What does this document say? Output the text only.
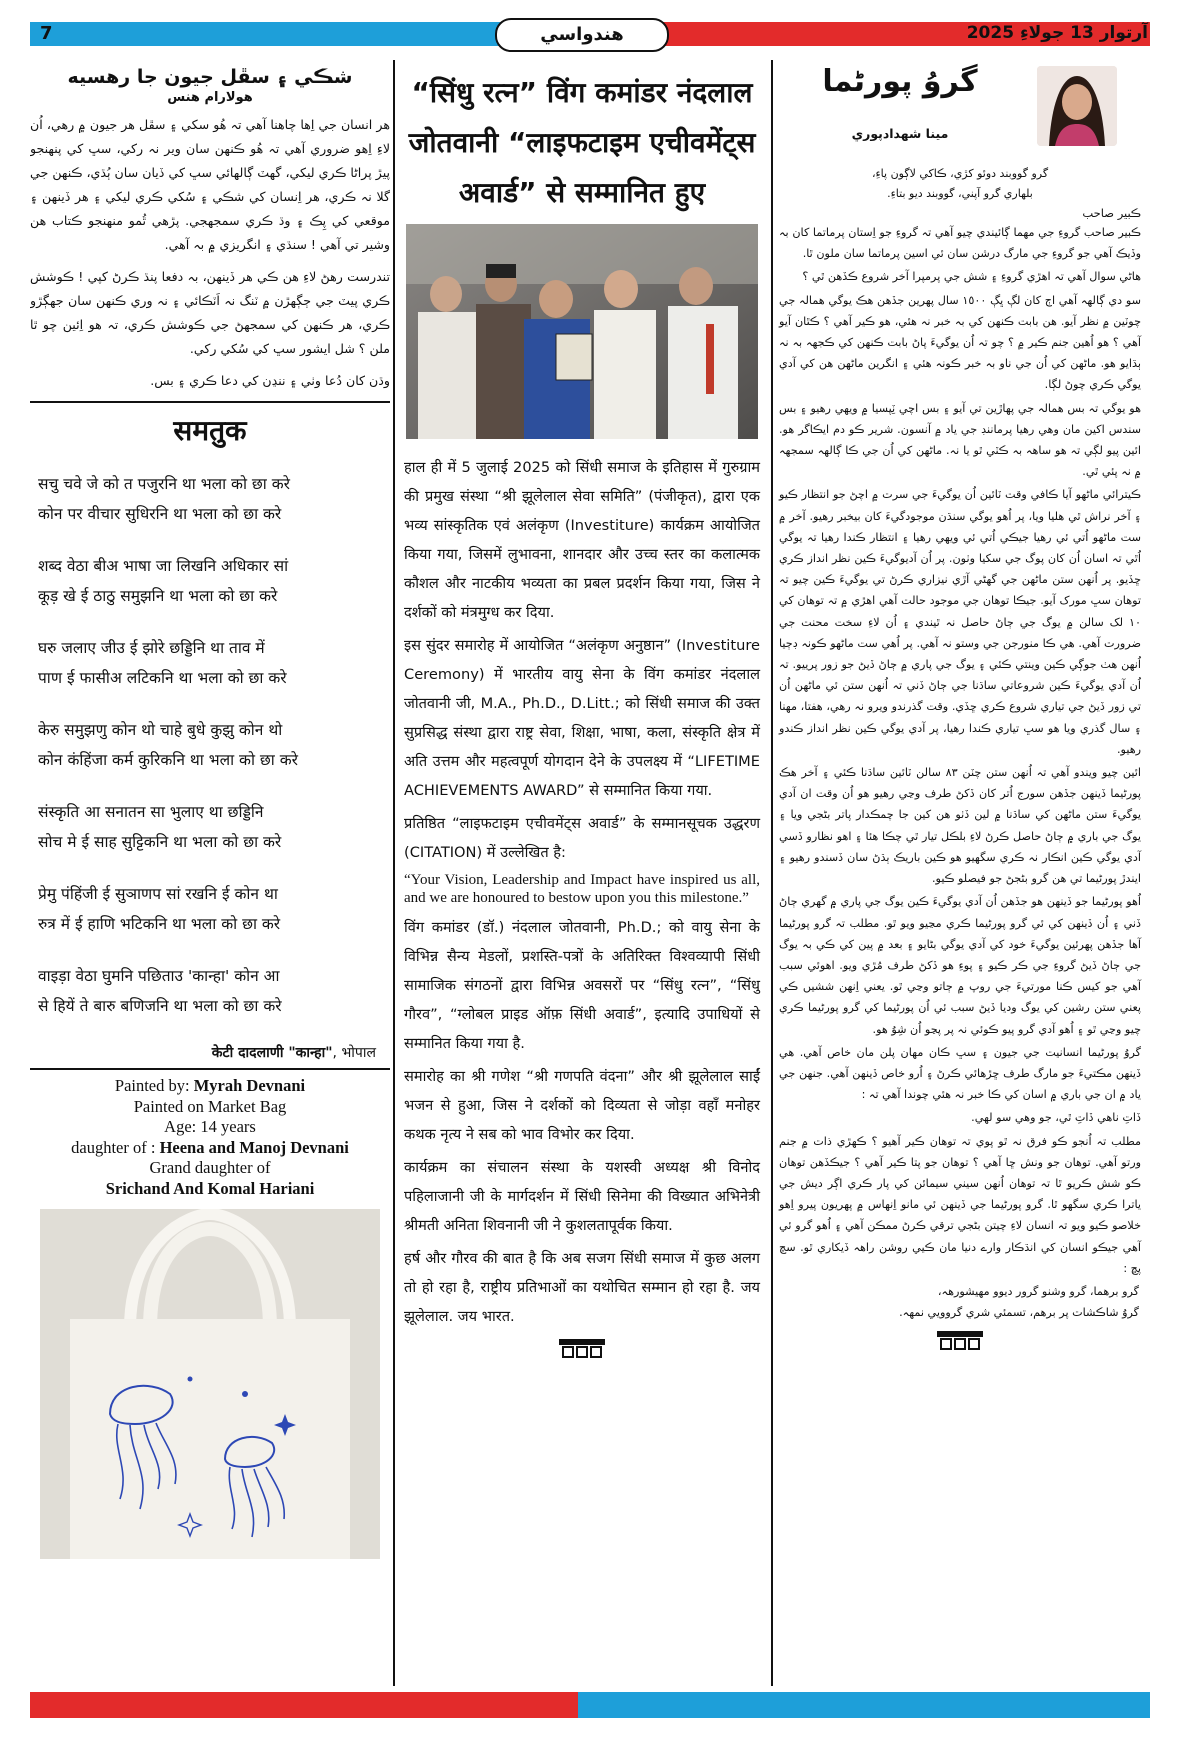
7	هندواسي	آرتوار 13 جولاءِ 2025
شڪي ۽ سڦل جيون جا رهسيه
هولارام هنس

هر انسان جي اِها چاهنا آهي تہ هُو سکي ۽ سڦل هر جيون ۾ رهي، اُن لاءِ اِهو ضروري آهي تہ هُو ڪنهن سان وير نہ رکي، سڀ کي پنهنجو پيڙ پراڻا ڪري ليکي، گهٽ ڳالهائي سڀ کي ڏيان سان ٻُڌي، ڪنهن جي گلا نہ ڪري، هر اِنسان کي شڪي ۽ سُکي ڪري ليکي ۽ هر ڏينهن ۽ موقعي کي پِڪ ۽ وڌ ڪري سمجهجي. پڙهي ٿُمو منهنجو ڪتاب هن وشير تي آهي ! سنڌي ۽ انگريزي ۾ بہ آهي.

تندرست رهڻ لاءِ هن ڪي هر ڏينهن، بہ دفعا پنڌ ڪرڻ کپي ! ڪوشش ڪري پيٽ جي ڄڳهڙن ۾ ٽنگ نہ اَٽڪائي ۽ نہ وري ڪنهن سان جهڳڙو ڪري، هر ڪنهن کي سمجهڻ جي ڪوشش ڪري، تہ هو اِئين چو ٿا ملن ؟ شل ايشور سڀ کي سُکي رکي.

وڌن کان دُعا وٺي ۽ ننڍن کي دعا ڪري ۽ بس.

समतुक
सचु चवे जे को त पजुरनि था भला को छा करे
कोन पर वीचार सुधिरनि था भला को छा करे
शब्द वेठा बीअ भाषा जा लिखनि अधिकार सां
कूड़ खे ई ठाठु समुझनि था भला को छा करे
घरु जलाए जीउ ई झोरे छड्डिनि था ताव में
पाण ई फासीअ लटिकनि था भला को छा करे
केरु समुझणु कोन थो चाहे बुधे कुझु कोन थो
कोन कंहिंजा कर्म कुरिकनि था भला को छा करे
संस्कृति आ सनातन सा भुलाए था छड्डिनि
सोच मे ई साह सुट्टिकनि था भला को छा करे
प्रेमु पंहिंजी ई सुञाणप सां रखनि ई कोन था
रुत्र में ई हाणि भटिकनि था भला को छा करे
वाइड़ा वेठा घुमनि पछिताउ 'कान्हा' कोन आ
से हियें ते बारु बणिजनि था भला को छा करे
केटी दादलाणी "कान्हा", भोपाल
Painted by: Myrah Devnani
Painted on Market Bag
Age: 14 years
daughter of : Heena and Manoj Devnani
Grand daughter of
Srichand And Komal Hariani
“सिंधु रत्न” विंग कमांडर नंदलाल जोतवानी “लाइफटाइम एचीवमेंट्स अवार्ड” से सम्मानित हुए

हाल ही में 5 जुलाई 2025 को सिंधी समाज के इतिहास में गुरुग्राम की प्रमुख संस्था “श्री झूलेलाल सेवा समिति” (पंजीकृत), द्वारा एक भव्य सांस्कृतिक एवं अलंकृण (Investiture) कार्यक्रम आयोजित किया गया, जिसमें लुभावना, शानदार और उच्च स्तर का कलात्मक कौशल और नाटकीय भव्यता का प्रबल प्रदर्शन किया गया, जिस ने दर्शकों को मंत्रमुग्ध कर दिया.

इस सुंदर समारोह में आयोजित “अलंकृण अनुष्ठान” (Investiture Ceremony) में भारतीय वायु सेना के विंग कमांडर नंदलाल जोतवानी जी, M.A., Ph.D., D.Litt.; को सिंधी समाज की उक्त सुप्रसिद्ध संस्था द्वारा राष्ट्र सेवा, शिक्षा, भाषा, कला, संस्कृति क्षेत्र में अति उत्तम और महत्वपूर्ण योगदान देने के उपलक्ष्य में “LIFETIME ACHIEVEMENTS AWARD” से सम्मानित किया गया.

प्रतिष्ठित “लाइफटाइम एचीवमेंट्स अवार्ड” के सम्मानसूचक उद्धरण (CITATION) में उल्लेखित है:

“Your Vision, Leadership and Impact have inspired us all, and we are honoured to bestow upon you this milestone.”

विंग कमांडर (डॉ.) नंदलाल जोतवानी, Ph.D.; को वायु सेना के विभिन्न सैन्य मेडलों, प्रशस्ति-पत्रों के अतिरिक्त विश्वव्यापी सिंधी सामाजिक संगठनों द्वारा विभिन्न अवसरों पर “सिंधु रत्न”, “सिंधु गौरव”, “ग्लोबल प्राइड ऑफ़ सिंधी अवार्ड”, इत्यादि उपाधियों से सम्मानित किया गया है.

समारोह का श्री गणेश “श्री गणपति वंदना” और श्री झूलेलाल साईं भजन से हुआ, जिस ने दर्शकों को दिव्यता से जोड़ा वहाँ मनोहर कथक नृत्य ने सब को भाव विभोर कर दिया.

कार्यक्रम का संचालन संस्था के यशस्वी अध्यक्ष श्री विनोद पहिलाजानी जी के मार्गदर्शन में सिंधी सिनेमा की विख्यात अभिनेत्री श्रीमती अनिता शिवनानी जी ने कुशलतापूर्वक किया.

हर्ष और गौरव की बात है कि अब सजग सिंधी समाज में कुछ अलग तो हो रहा है, राष्ट्रीय प्रतिभाओं का यथोचित सम्मान हो रहा है. जय झूलेलाल. जय भारत.

گروُ پورڻما
مينا شهدادپوري
گرو گووبند دوئو کڙي، ڪاکي لاڳون پاءِ،
بلهاري گرو آپني، گووبند ديو بتاءِ.
ڪبير صاحب

ڪبير صاحب گروءِ جي مهما ڳائيندي چيو آهي تہ گروءِ جو اِستان پرماتما کان بہ وڏيڪ آهي جو گروءِ جي مارگ درشن سان ئي اسين پرماتما سان ملون ٿا.

هاڻي سوال آهي تہ اهڙي گروءِ ۽ شش جي پرمپرا آخر شروع ڪڏهن ٿي ؟

سو دي ڳالهہ آهي اڄ کان لڳ ڀڳ ١٥٠٠ سال پهرين جڏهن هڪ يوگي همالہ جي چوٽين ۾ نظر آيو. هن بابت ڪنهن کي بہ خبر نہ هئي، هو ڪير آهي ؟ ڪٿان آيو آهي ؟ هو اُهين جنم ڪير ۾ ؟ چو تہ اُن يوگيءَ پاڻ بابت ڪنهن کي ڪجهہ بہ نہ ٻڌايو هو. ماڻهن کي اُن جي ناو بہ خبر ڪونہ هئي ۽ انگرين ماڻهن هن کي آدي يوگي ڪري چوڻ لڳا.

هو يوگي تہ بس همالہ جي پهاڙين تي آيو ۽ بس اچي ٽِپسيا ۾ ويهي رهيو ۽ بس سندس اکين مان وهي رهيا پرماننڊ جي ياد ۾ آنسون. شرير ڪو دم ايڪاگر هو. ائين پيو لڳي تہ هو ساهہ بہ ڪٽي ٿو يا نہ. ماڻهن کي اُن جي ڪا ڳالهہ سمجهہ ۾ نہ پئي ٿي.

ڪيترائي ماڻهو آيا ڪافي وقت ٽائين اُن يوگيءَ جي سرت ۾ اچڻ جو انتظار ڪيو ۽ آخر نراش ٿي هليا ويا، پر اُهو يوگي سنڌن موجودگيءَ کان بيخبر رهيو. آخر ۾ ست ماڻهو اُتي ئي رهيا جيڪي اُتي ئي ويهي رهيا ۽ انتظار ڪندا رهيا تہ يوگي اُٿي تہ اسان اُن کان پوگ جي سکيا وٺون. پر اُن آديوگيءَ ڪين نظر انداز ڪري ڇڏيو. پر اُنهن ستن ماڻهن جي گهڻي آڙي نيزاري ڪرڻ تي يوگيءَ ڪين چيو تہ توهان سڀ مورک آيو. جيڪا توهان جي موجود حالت آهي اهڙي ۾ تہ توهان کي ١٠ لک سالن ۾ يوگ جي ڄاڻ حاصل نہ ٿيندي ۽ اُن لاءِ سخت محنت جي ضرورت آهي. هي ڪا منورجن جي وستو نہ آهي. پر اُهي ست ماڻهو ڪونہ ڊڄيا اُنهن هٺ جوڳي ڪين وينتي ڪئي ۽ يوگ جي پاري ۾ ڄاڻ ڏيڻ جو زور پرييو. تہ اُن آدي يوگيءَ ڪين شروعاتي ساڌنا جي ڄاڻ ڏني تہ اُنهن ستن ئي ماڻهن اُن تي زور ڏيڻ جي تياري شروع ڪري ڇڏي. وقت گذرندو ويرو نہ رهي، هفتا، مهنا ۽ سال گذري ويا هو سڀ تياري ڪندا رهيا، پر آدي يوگي ڪين نظر انداز ڪندو رهيو.

ائين چيو ويندو آهي تہ اُنهن ستن چٽن ٨٣ سالن ٽائين ساڌنا ڪئي ۽ آخر هڪ پورڻيما ڏينهن جڏهن سورج اُتر کان ڏکڻ طرف وڃي رهيو هو اُن وقت ان آدي يوگيءَ ستن ماڻهن کي ساڌنا ۾ لين ڏٺو هن کين جا چمڪدار پاتر بڻجي ويا ۽ يوگ جي باري ۾ ڄاڻ حاصل ڪرڻ لاءِ بلڪل تيار ٿي چڪا هئا ۽ اهو نظارو ڏسي آدي يوگي ڪين انڪار نہ ڪري سگهيو هو ڪين باريڪ ٻڌڻ سان ڏسندو رهيو ۽ ايندڙ پورڻيما تي هن گرو بڻجڻ جو فيصلو ڪيو.

اُهو پورڻيما جو ڏينهن هو جڏهن اُن آدي يوگيءَ ڪين يوگ جي پاري ۾ گهري ڄاڻ ڏني ۽ اُن ڏينهن کي ئي گرو پورڻيما ڪري مڃيو ويو ٿو. مطلب تہ گرو پورڻيما آها جڏهن پهرئين يوگيءَ خود کي آدي يوگي بڻايو ۽ بعد ۾ پين کي ڪي بہ يوگ جي ڄاڻ ڏيڻ گروءِ جي ڪر ڪيو ۽ پوءِ هو ڏکڻ طرف مُڙي ويو. اهوئي سبب آهي جو کيس ڪنا مورتيءَ جي روپ ۾ ڄاتو وڃي ٿو. يعني اِنهن ششيں ڪي پعني ستن رشين کي يوگ وديا ڏيڻ سبب ئي اُن پورڻيما کي گرو پورڻيما ڪري چيو وڃي ٿو ۽ اُهو آدي گرو پيو ڪوئي نہ پر پڃو اُن شِوُ هو.

گروُ پورڻيما انسانيت جي جيون ۽ سڀ ڪان مهان پلن مان خاص آهي. هي ڏينهن مڪتيءَ جو مارگ طرف ڇڙهائي ڪرڻ ۽ اُرو خاص ڏينهن آهي. جنهن جي ياد ۾ ان جي باري ۾ اسان کي ڪا خبر نہ هئي چوندا آهي تہ :

ڏاتِ ناهي ڏاتِ ٿي، جو وهي سو لهي.

مطلب تہ اُنجو ڪو فرق نہ ٿو پوي تہ توهان ڪير آهيو ؟ ڪهڙي ذات ۾ جنم ورتو آهي. توهان جو ونش ڇا آهي ؟ توهان جو پتا ڪير آهي ؟ جيڪڏهن توهان ڪو شش ڪريو ٿا تہ توهان اُنهن سيني سيمائن کي پار ڪري اڳر ديش جي ياترا ڪري سگهو ٿا. گرو پورڻيما جي ڏينهن ئي مانو اِنهاس ۾ پهريون پيرو اِهو خلاصو ڪيو ويو تہ انسان لاءِ چيتن بڻجي ترقي ڪرڻ ممڪن آهي ۽ اُهو گرو ئي آهي جيڪو انسان کي انڌڪار وارے دنيا مان ڪيي روشن راهہ ڏيکاري ٿو. سچ پڇ :

گرو برهما، گرو وشنو گرور ديوو مهيشورهہ،
گروُ شاڪشات پر برهم، تسمئي شري گروويي نمهہ.
